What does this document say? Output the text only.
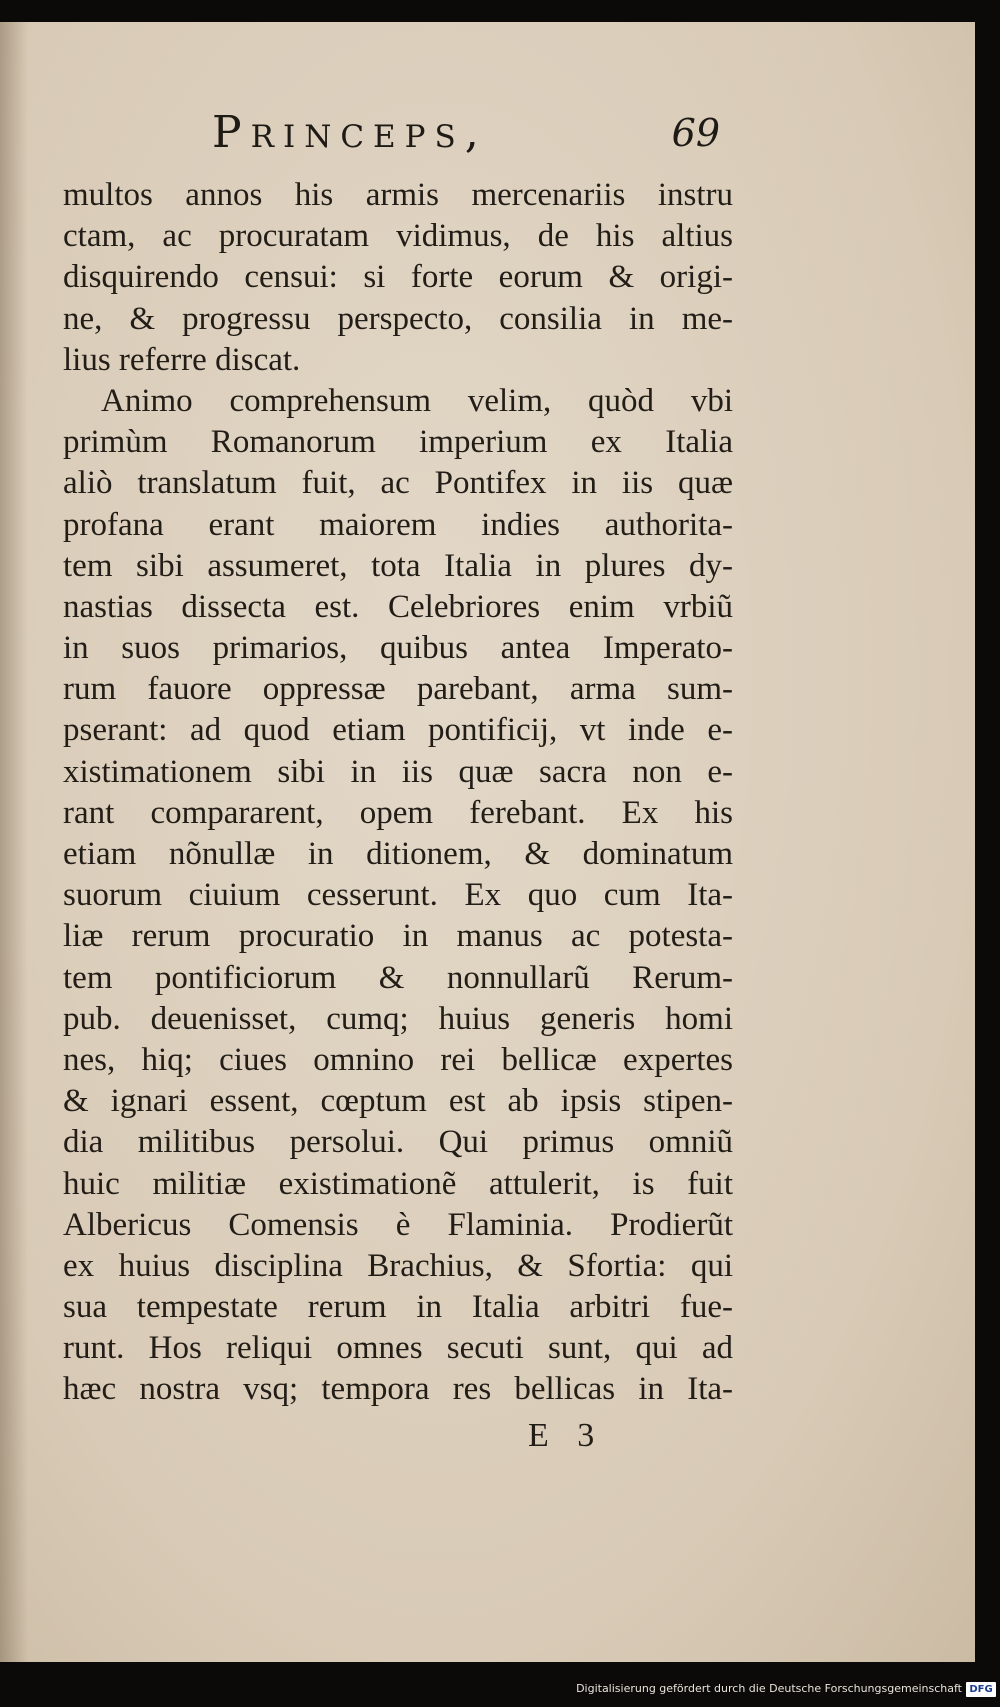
Princeps,	69
multos annos his armis mercenariis instru
ctam, ac procuratam vidimus, de his altius
disquirendo censui: si forte eorum & origi-
ne, & progressu perspecto, consilia in me-
lius referre discat.
Animo comprehensum velim, quòd vbi
primùm Romanorum imperium ex Italia
aliò translatum fuit, ac Pontifex in iis quæ
profana erant maiorem indies authorita-
tem sibi assumeret, tota Italia in plures dy-
nastias dissecta est. Celebriores enim vrbiũ
in suos primarios, quibus antea Imperato-
rum fauore oppressæ parebant, arma sum-
pserant: ad quod etiam pontificij, vt inde e-
xistimationem sibi in iis quæ sacra non e-
rant compararent, opem ferebant. Ex his
etiam nõnullæ in ditionem, & dominatum
suorum ciuium cesserunt. Ex quo cum Ita-
liæ rerum procuratio in manus ac potesta-
tem pontificiorum & nonnullarũ Rerum-
pub. deuenisset, cumq; huius generis homi
nes, hiq; ciues omnino rei bellicæ expertes
& ignari essent, cœptum est ab ipsis stipen-
dia militibus persolui. Qui primus omniũ
huic militiæ existimationẽ attulerit, is fuit
Albericus Comensis è Flaminia. Prodierũt
ex huius disciplina Brachius, & Sfortia: qui
sua tempestate rerum in Italia arbitri fue-
runt. Hos reliqui omnes secuti sunt, qui ad
hæc nostra vsq; tempora res bellicas in Ita-
E 3
Digitalisierung gefördert durch die Deutsche Forschungsgemeinschaft DFG
